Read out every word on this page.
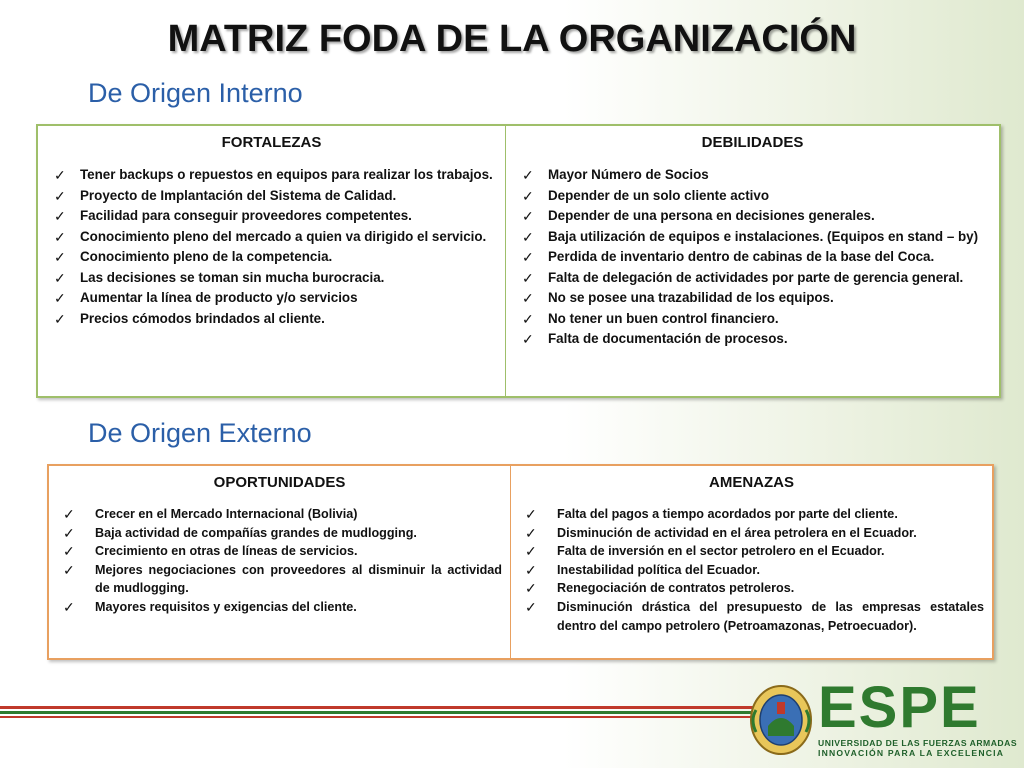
MATRIZ FODA DE LA ORGANIZACIÓN
De Origen Interno
FORTALEZAS
✓ Tener backups o repuestos en equipos para realizar los trabajos.
✓ Proyecto de Implantación del Sistema de Calidad.
✓ Facilidad para conseguir proveedores competentes.
✓ Conocimiento pleno del mercado a quien va dirigido el servicio.
✓ Conocimiento pleno de la competencia.
✓ Las decisiones se toman sin mucha burocracia.
✓ Aumentar la línea de producto y/o servicios
✓ Precios cómodos brindados al cliente.
DEBILIDADES
✓ Mayor Número de Socios
✓ Depender de un solo cliente activo
✓ Depender de una persona en decisiones generales.
✓ Baja utilización de equipos e instalaciones. (Equipos en stand – by)
✓ Perdida de inventario dentro de cabinas de la base del Coca.
✓ Falta de delegación de actividades por parte de gerencia general.
✓ No se posee una trazabilidad de los equipos.
✓ No tener un buen control financiero.
✓ Falta de documentación de procesos.
De Origen Externo
OPORTUNIDADES
✓ Crecer en el Mercado Internacional (Bolivia)
✓ Baja actividad de compañías grandes de mudlogging.
✓ Crecimiento en otras de líneas de servicios.
✓ Mejores negociaciones con proveedores al disminuir la actividad de mudlogging.
✓ Mayores requisitos y exigencias del cliente.
AMENAZAS
✓ Falta del pagos a tiempo acordados por parte del cliente.
✓ Disminución de actividad en el área petrolera en el Ecuador.
✓ Falta de inversión en el sector petrolero en el Ecuador.
✓ Inestabilidad política del Ecuador.
✓ Renegociación de contratos petroleros.
✓ Disminución drástica del presupuesto de las empresas estatales dentro del campo petrolero (Petroamazonas, Petroecuador).
ESPE
UNIVERSIDAD DE LAS FUERZAS ARMADAS
INNOVACIÓN PARA LA EXCELENCIA
